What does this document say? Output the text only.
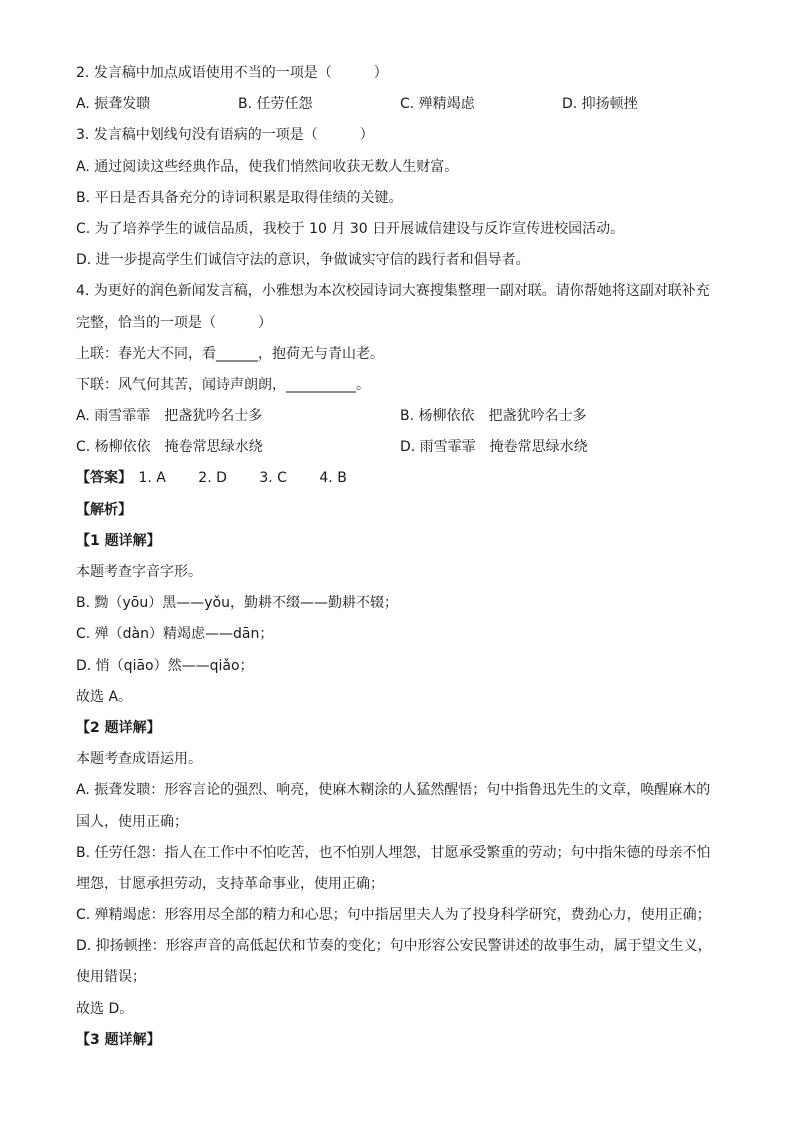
2. 发言稿中加点成语使用不当的一项是（　　　）
A. 振聋发聩	B. 任劳任怨	C. 殚精竭虑	D. 抑扬顿挫
3. 发言稿中划线句没有语病的一项是（　　　）
A. 通过阅读这些经典作品，使我们悄然间收获无数人生财富。
B. 平日是否具备充分的诗词积累是取得佳绩的关键。
C. 为了培养学生的诚信品质，我校于 10 月 30 日开展诚信建设与反诈宣传进校园活动。
D. 进一步提高学生们诚信守法的意识，争做诚实守信的践行者和倡导者。
4. 为更好的润色新闻发言稿，小雅想为本次校园诗词大赛搜集整理一副对联。请你帮她将这副对联补充
完整，恰当的一项是（　　　）
上联：春光大不同，看______，抱荷无与青山老。
下联：风气何其苦，闻诗声朗朗，__________。
A. 雨雪霏霏　把盏犹吟名士多	B. 杨柳依依　把盏犹吟名士多
C. 杨柳依依　掩卷常思绿水绕	D. 雨雪霏霏　掩卷常思绿水绕
【答案】 1. A 2. D 3. C 4. B
【解析】
【1 题详解】
本题考查字音字形。
B. 黝（yōu）黑——yǒu，勤耕不缀——勤耕不辍；
C. 殚（dàn）精竭虑——dān；
D. 悄（qiāo）然——qiǎo；
故选 A。
【2 题详解】
本题考查成语运用。
A. 振聋发聩：形容言论的强烈、响亮，使麻木糊涂的人猛然醒悟；句中指鲁迅先生的文章，唤醒麻木的
国人，使用正确；
B. 任劳任怨：指人在工作中不怕吃苦，也不怕别人埋怨，甘愿承受繁重的劳动；句中指朱德的母亲不怕
埋怨，甘愿承担劳动，支持革命事业，使用正确；
C. 殚精竭虑：形容用尽全部的精力和心思；句中指居里夫人为了投身科学研究，费劲心力，使用正确；
D. 抑扬顿挫：形容声音的高低起伏和节奏的变化；句中形容公安民警讲述的故事生动，属于望文生义，
使用错误；
故选 D。
【3 题详解】
